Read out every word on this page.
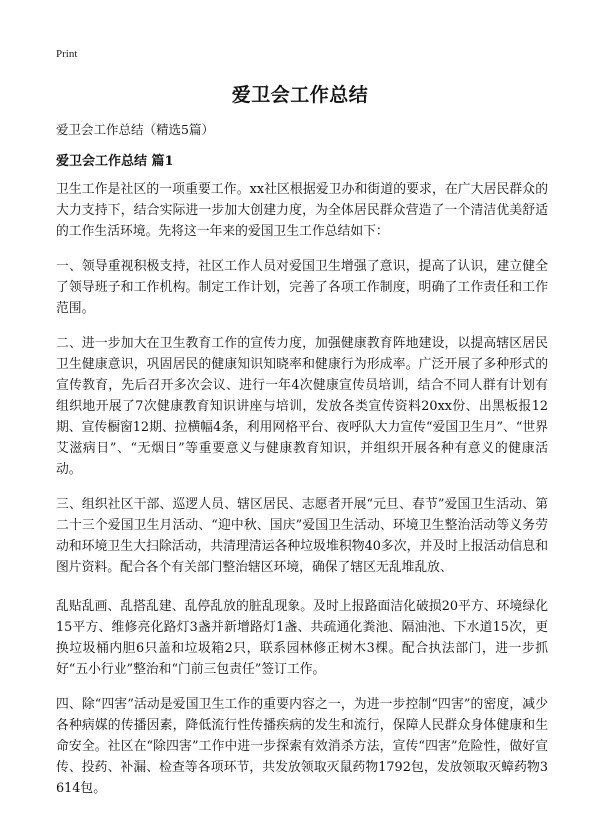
Print
爱卫会工作总结
爱卫会工作总结（精选5篇）
爱卫会工作总结 篇1

卫生工作是社区的一项重要工作。xx社区根据爱卫办和街道的要求，在广大居民群众的大力支持下，结合实际进一步加大创建力度，为全体居民群众营造了一个清洁优美舒适的工作生活环境。先将这一年来的爱国卫生工作总结如下：

一、领导重视积极支持，社区工作人员对爱国卫生增强了意识，提高了认识，建立健全了领导班子和工作机构。制定工作计划，完善了各项工作制度，明确了工作责任和工作范围。

二、进一步加大在卫生教育工作的宣传力度，加强健康教育阵地建设，以提高辖区居民卫生健康意识，巩固居民的健康知识知晓率和健康行为形成率。广泛开展了多种形式的宣传教育，先后召开多次会议、进行一年4次健康宣传员培训，结合不同人群有计划有组织地开展了7次健康教育知识讲座与培训，发放各类宣传资料20xx份、出黑板报12期、宣传橱窗12期、拉横幅4条，利用网格平台、夜呼队大力宣传“爱国卫生月”、“世界艾滋病日”、“无烟日”等重要意义与健康教育知识，并组织开展各种有意义的健康活动。

三、组织社区干部、巡逻人员、辖区居民、志愿者开展“元旦、春节”爱国卫生活动、第二十三个爱国卫生月活动、“迎中秋、国庆”爱国卫生活动、环境卫生整治活动等义务劳动和环境卫生大扫除活动，共清理清运各种垃圾堆积物40多次，并及时上报活动信息和图片资料。配合各个有关部门整治辖区环境，确保了辖区无乱堆乱放、

乱贴乱画、乱搭乱建、乱停乱放的脏乱现象。及时上报路面洁化破损20平方、环境绿化15平方、维修亮化路灯3盏并新增路灯1盏、共疏通化粪池、隔油池、下水道15次，更换垃圾桶内胆6只盖和垃圾箱2只，联系园林修正树木3棵。配合执法部门，进一步抓好“五小行业”整治和“门前三包责任”签订工作。

四、除“四害”活动是爱国卫生工作的重要内容之一，为进一步控制“四害”的密度，减少各种病媒的传播因素，降低流行性传播疾病的发生和流行，保障人民群众身体健康和生命安全。社区在“除四害”工作中进一步探索有效消杀方法，宣传“四害”危险性，做好宣传、投药、补漏、检查等各项环节，共发放领取灭鼠药物1792包，发放领取灭蟑药物3614包。
